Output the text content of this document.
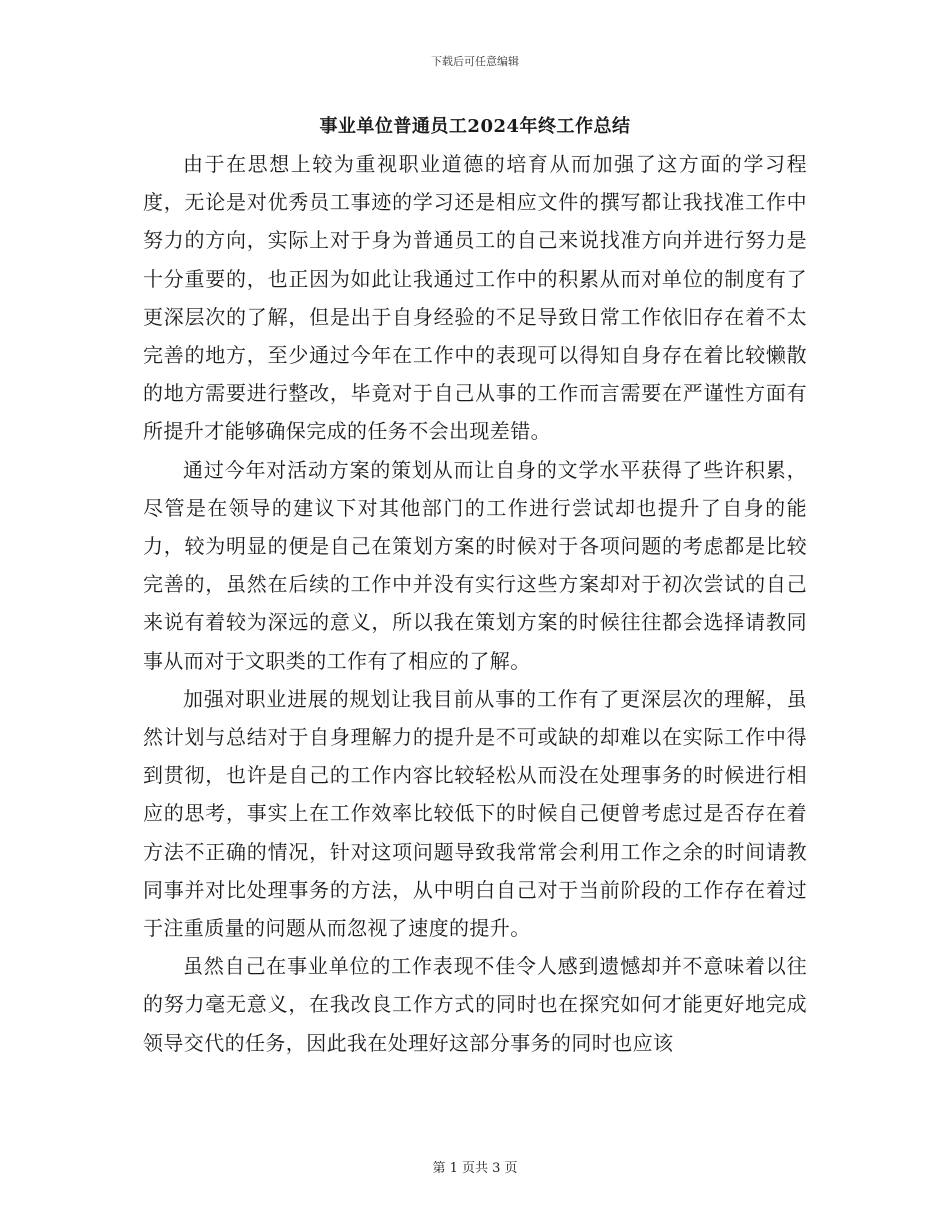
下载后可任意编辑
事业单位普通员工2024年终工作总结

由于在思想上较为重视职业道德的培育从而加强了这方面的学习程度，无论是对优秀员工事迹的学习还是相应文件的撰写都让我找准工作中努力的方向，实际上对于身为普通员工的自己来说找准方向并进行努力是十分重要的，也正因为如此让我通过工作中的积累从而对单位的制度有了更深层次的了解，但是出于自身经验的不足导致日常工作依旧存在着不太完善的地方，至少通过今年在工作中的表现可以得知自身存在着比较懒散的地方需要进行整改，毕竟对于自己从事的工作而言需要在严谨性方面有所提升才能够确保完成的任务不会出现差错。

通过今年对活动方案的策划从而让自身的文学水平获得了些许积累，尽管是在领导的建议下对其他部门的工作进行尝试却也提升了自身的能力，较为明显的便是自己在策划方案的时候对于各项问题的考虑都是比较完善的，虽然在后续的工作中并没有实行这些方案却对于初次尝试的自己来说有着较为深远的意义，所以我在策划方案的时候往往都会选择请教同事从而对于文职类的工作有了相应的了解。

加强对职业进展的规划让我目前从事的工作有了更深层次的理解，虽然计划与总结对于自身理解力的提升是不可或缺的却难以在实际工作中得到贯彻，也许是自己的工作内容比较轻松从而没在处理事务的时候进行相应的思考，事实上在工作效率比较低下的时候自己便曾考虑过是否存在着方法不正确的情况，针对这项问题导致我常常会利用工作之余的时间请教同事并对比处理事务的方法，从中明白自己对于当前阶段的工作存在着过于注重质量的问题从而忽视了速度的提升。

虽然自己在事业单位的工作表现不佳令人感到遗憾却并不意味着以往的努力毫无意义，在我改良工作方式的同时也在探究如何才能更好地完成领导交代的任务，因此我在处理好这部分事务的同时也应该

第 1 页共 3 页
